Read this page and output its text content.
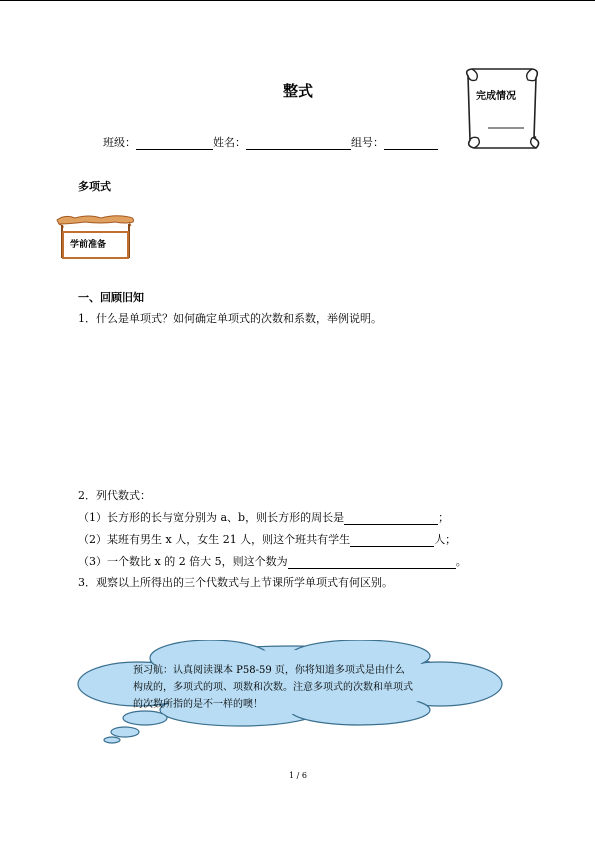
整式	完成情况
班级：	姓名：	组号：
多项式
学前准备
一、回顾旧知
1．什么是单项式？如何确定单项式的次数和系数，举例说明。
2．列代数式：
（1）长方形的长与宽分别为 a、b，则长方形的周长是	；
（2）某班有男生 x 人，女生 21 人，则这个班共有学生	人；
（3）一个数比 x 的 2 倍大 5，则这个数为	。
3．观察以上所得出的三个代数式与上节课所学单项式有何区别。
预习航：认真阅读课本 P58-59 页，你将知道多项式是由什么构成的，多项式的项、项数和次数。注意多项式的次数和单项式的次数所指的是不一样的噢！
1 / 6
